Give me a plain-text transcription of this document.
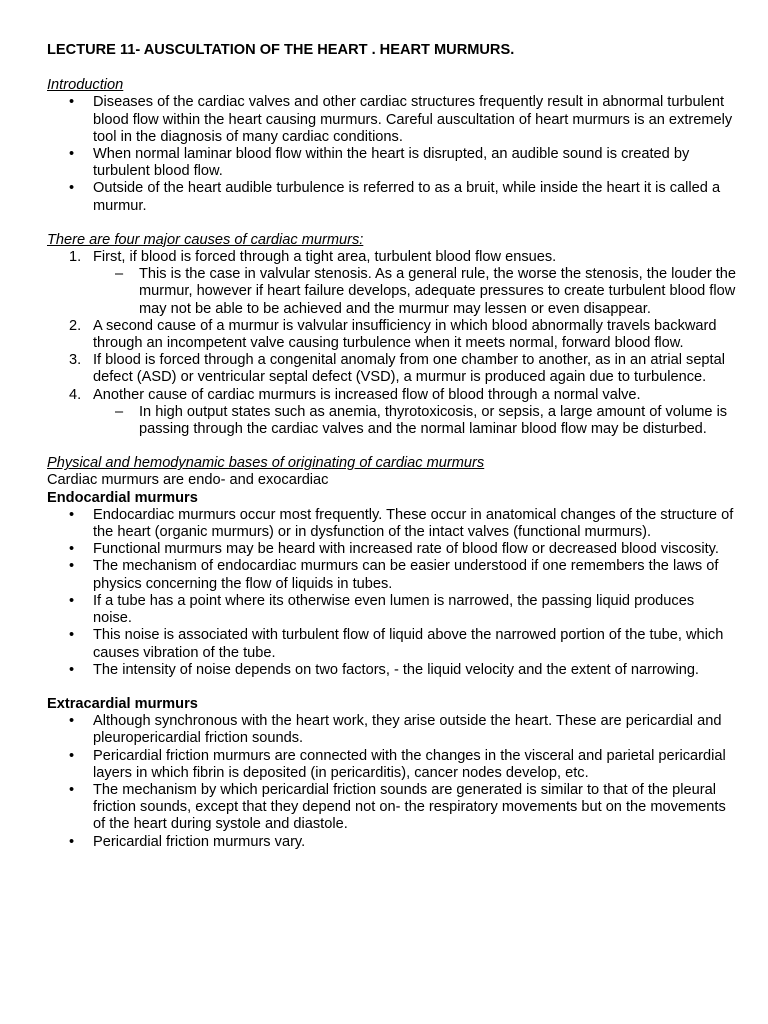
LECTURE 11- AUSCULTATION OF THE HEART . HEART MURMURS.

Introduction

• Diseases of the cardiac valves and other cardiac structures frequently result in abnormal turbulent blood flow within the heart causing murmurs. Careful auscultation of heart murmurs is an extremely tool in the diagnosis of many cardiac conditions.
• When normal laminar blood flow within the heart is disrupted, an audible sound is created by turbulent blood flow.
• Outside of the heart audible turbulence is referred to as a bruit, while inside the heart it is called a murmur.

There are four major causes of cardiac murmurs:

1. First, if blood is forced through a tight area, turbulent blood flow ensues.
– This is the case in valvular stenosis. As a general rule, the worse the stenosis, the louder the murmur, however if heart failure develops, adequate pressures to create turbulent blood flow may not be able to be achieved and the murmur may lessen or even disappear.
2. A second cause of a murmur is valvular insufficiency in which blood abnormally travels backward through an incompetent valve causing turbulence when it meets normal, forward blood flow.
3. If blood is forced through a congenital anomaly from one chamber to another, as in an atrial septal defect (ASD) or ventricular septal defect (VSD), a murmur is produced again due to turbulence.
4. Another cause of cardiac murmurs is increased flow of blood through a normal valve.
– In high output states such as anemia, thyrotoxicosis, or sepsis, a large amount of volume is passing through the cardiac valves and the normal laminar blood flow may be disturbed.

Physical and hemodynamic bases of originating of cardiac murmurs

Cardiac murmurs are endo- and exocardiac

Endocardial murmurs

• Endocardiac murmurs occur most frequently. These occur in anatomical changes of the structure of the heart (organic murmurs) or in dysfunction of the intact valves (functional murmurs).
• Functional murmurs may be heard with increased rate of blood flow or decreased blood viscosity.
• The mechanism of endocardiac murmurs can be easier understood if one remembers the laws of physics concerning the flow of liquids in tubes.
• If a tube has a point where its otherwise even lumen is narrowed, the passing liquid produces noise.
• This noise is associated with turbulent flow of liquid above the narrowed portion of the tube, which causes vibration of the tube.
• The intensity of noise depends on two factors, - the liquid velocity and the extent of narrowing.

Extracardial murmurs

• Although synchronous with the heart work, they arise outside the heart. These are pericardial and pleuropericardial friction sounds.
• Pericardial friction murmurs are connected with the changes in the visceral and parietal pericardial layers in which fibrin is deposited (in pericarditis), cancer nodes develop, etc.
• The mechanism by which pericardial friction sounds are generated is similar to that of the pleural friction sounds, except that they depend not on- the respiratory movements but on the movements of the heart during systole and diastole.
• Pericardial friction murmurs vary.
